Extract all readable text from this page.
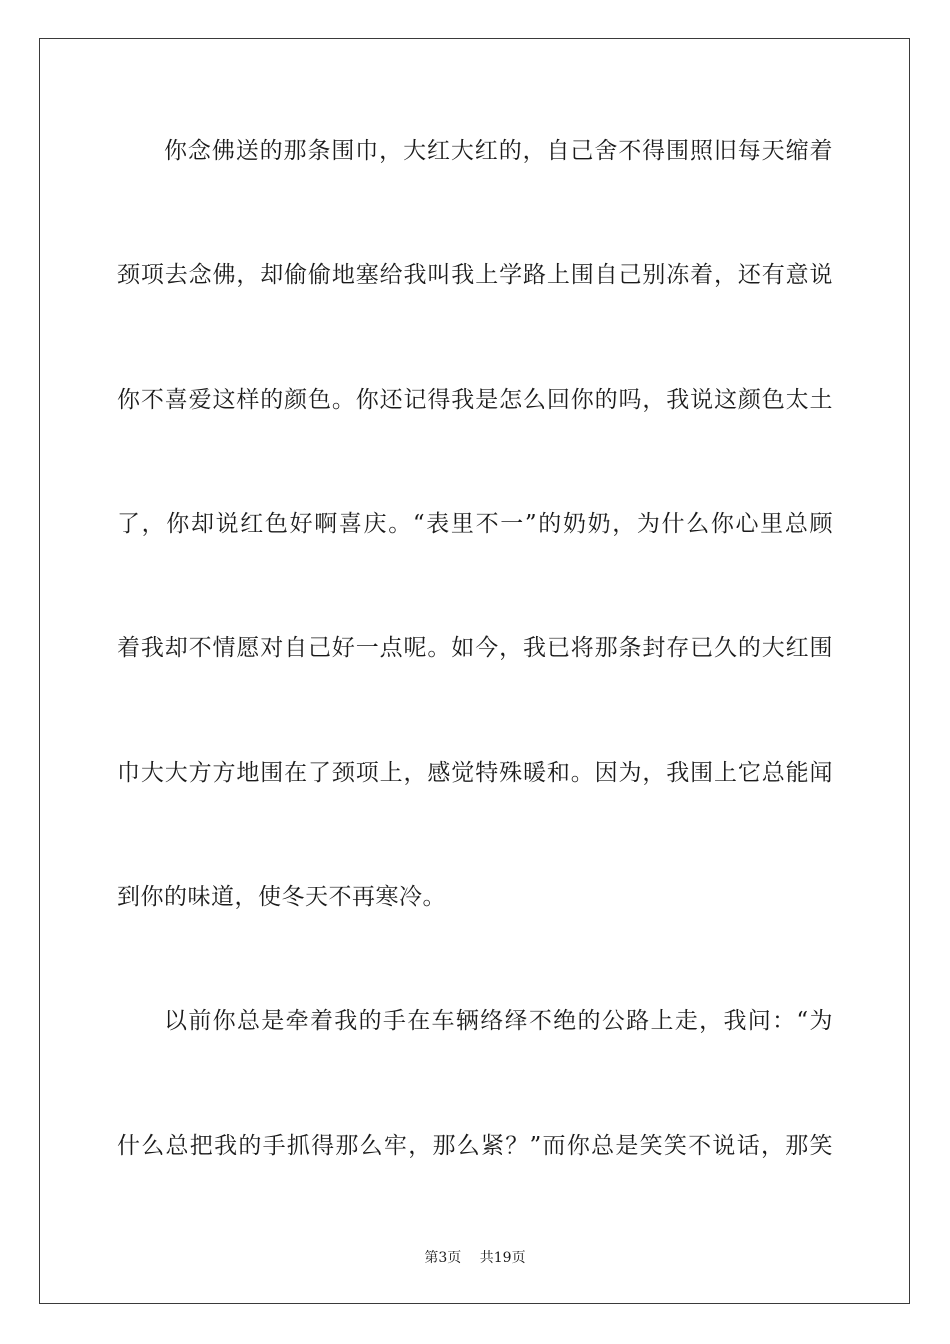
你念佛送的那条围巾，大红大红的，自己舍不得围照旧每天缩着
颈项去念佛，却偷偷地塞给我叫我上学路上围自己别冻着，还有意说
你不喜爱这样的颜色。你还记得我是怎么回你的吗，我说这颜色太土
了，你却说红色好啊喜庆。“表里不一”的奶奶，为什么你心里总顾
着我却不情愿对自己好一点呢。如今，我已将那条封存已久的大红围
巾大大方方地围在了颈项上，感觉特殊暖和。因为，我围上它总能闻
到你的味道，使冬天不再寒冷。
以前你总是牵着我的手在车辆络绎不绝的公路上走，我问：“为
什么总把我的手抓得那么牢，那么紧？”而你总是笑笑不说话，那笑
第3页 共19页
